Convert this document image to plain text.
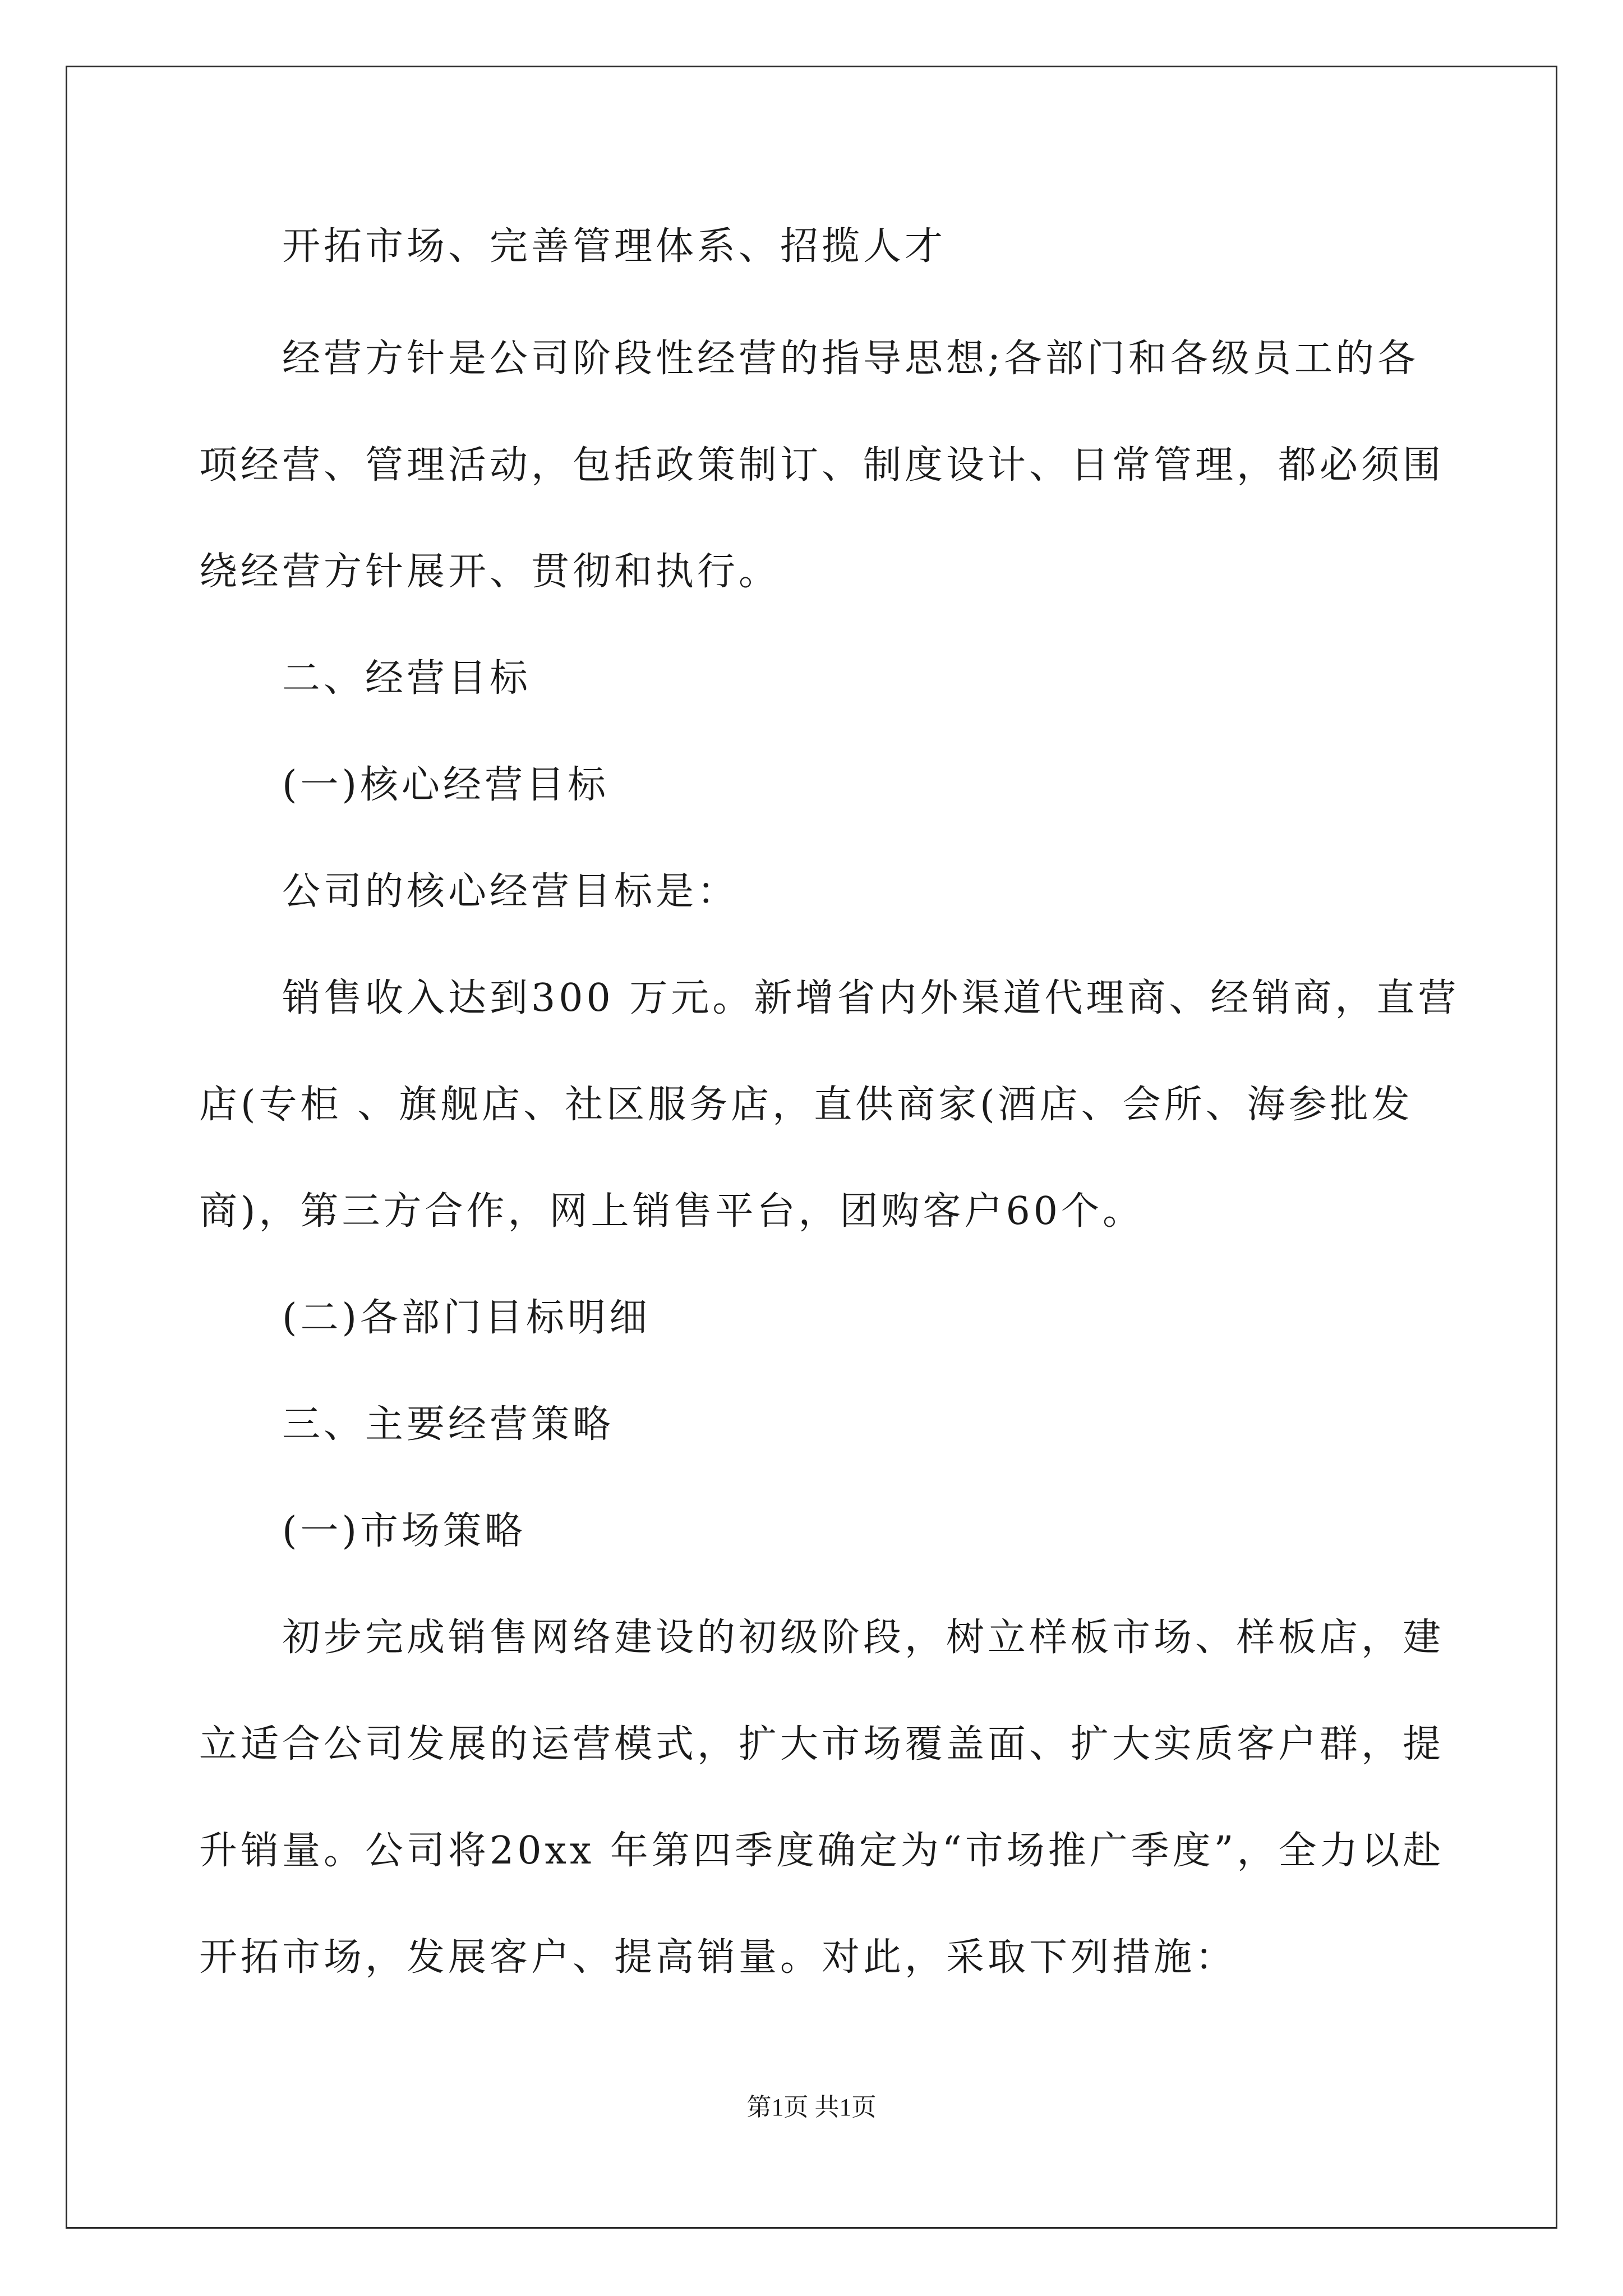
开拓市场、完善管理体系、招揽人才
经营方针是公司阶段性经营的指导思想;各部门和各级员工的各
项经营、管理活动，包括政策制订、制度设计、日常管理，都必须围
绕经营方针展开、贯彻和执行。
二、经营目标
(一)核心经营目标
公司的核心经营目标是：
销售收入达到300 万元。新增省内外渠道代理商、经销商，直营
店(专柜 、旗舰店、社区服务店，直供商家(酒店、会所、海参批发
商)，第三方合作，网上销售平台，团购客户60个。
(二)各部门目标明细
三、主要经营策略
(一)市场策略
初步完成销售网络建设的初级阶段，树立样板市场、样板店，建
立适合公司发展的运营模式，扩大市场覆盖面、扩大实质客户群，提
升销量。公司将20xx 年第四季度确定为“市场推广季度”，全力以赴
开拓市场，发展客户、提高销量。对此，采取下列措施：
第1页 共1页
